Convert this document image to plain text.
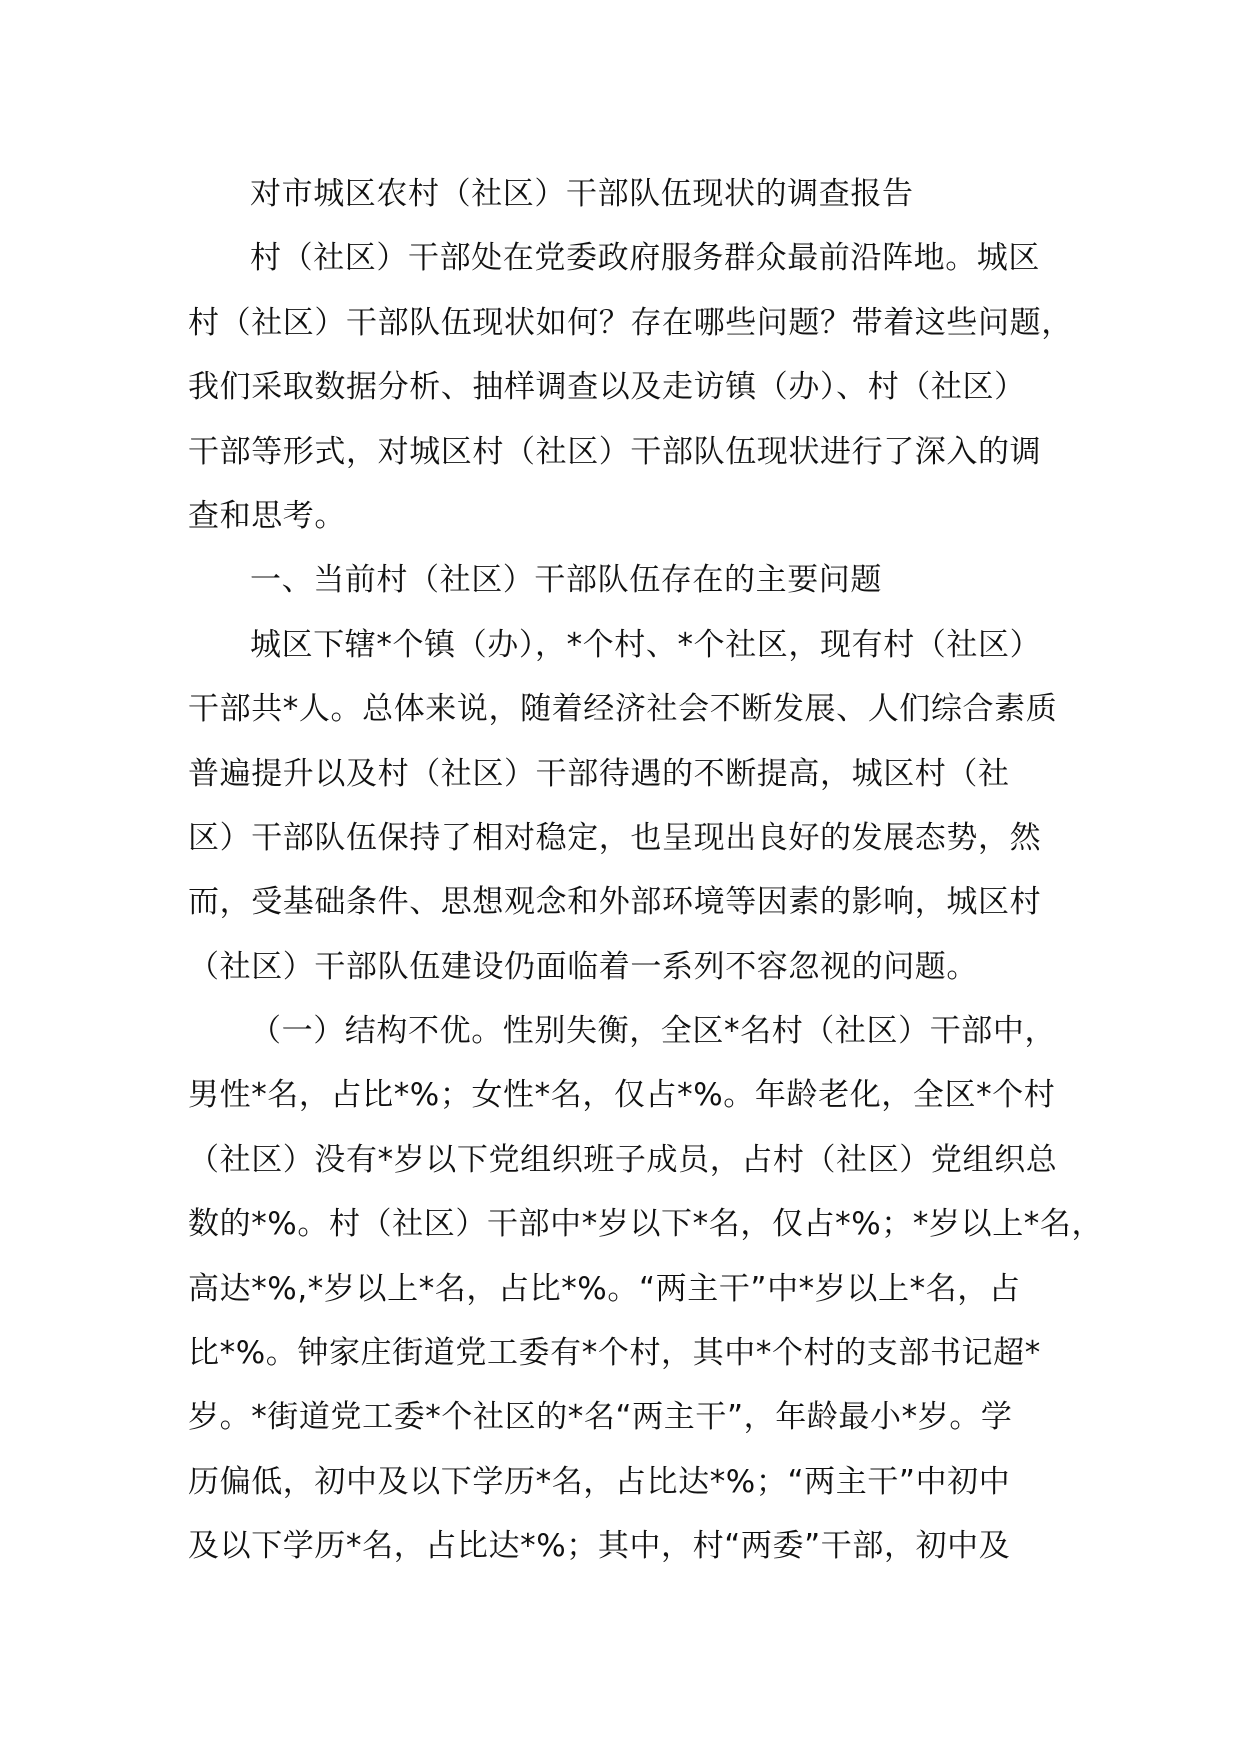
对市城区农村（社区）干部队伍现状的调查报告
村（社区）干部处在党委政府服务群众最前沿阵地。城区
村（社区）干部队伍现状如何？存在哪些问题？带着这些问题，
我们采取数据分析、抽样调查以及走访镇（办）、村（社区）
干部等形式，对城区村（社区）干部队伍现状进行了深入的调
查和思考。
一、当前村（社区）干部队伍存在的主要问题
城区下辖*个镇（办），*个村、*个社区，现有村（社区）
干部共*人。总体来说，随着经济社会不断发展、人们综合素质
普遍提升以及村（社区）干部待遇的不断提高，城区村（社
区）干部队伍保持了相对稳定，也呈现出良好的发展态势，然
而，受基础条件、思想观念和外部环境等因素的影响，城区村
（社区）干部队伍建设仍面临着一系列不容忽视的问题。
（一）结构不优。性别失衡，全区*名村（社区）干部中，
男性*名，占比*%；女性*名，仅占*%。年龄老化，全区*个村
（社区）没有*岁以下党组织班子成员，占村（社区）党组织总
数的*%。村（社区）干部中*岁以下*名，仅占*%；*岁以上*名，
高达*%,*岁以上*名，占比*%。“两主干”中*岁以上*名，占
比*%。钟家庄街道党工委有*个村，其中*个村的支部书记超*
岁。*街道党工委*个社区的*名“两主干”，年龄最小*岁。学
历偏低，初中及以下学历*名，占比达*%；“两主干”中初中
及以下学历*名，占比达*%；其中，村“两委”干部，初中及
